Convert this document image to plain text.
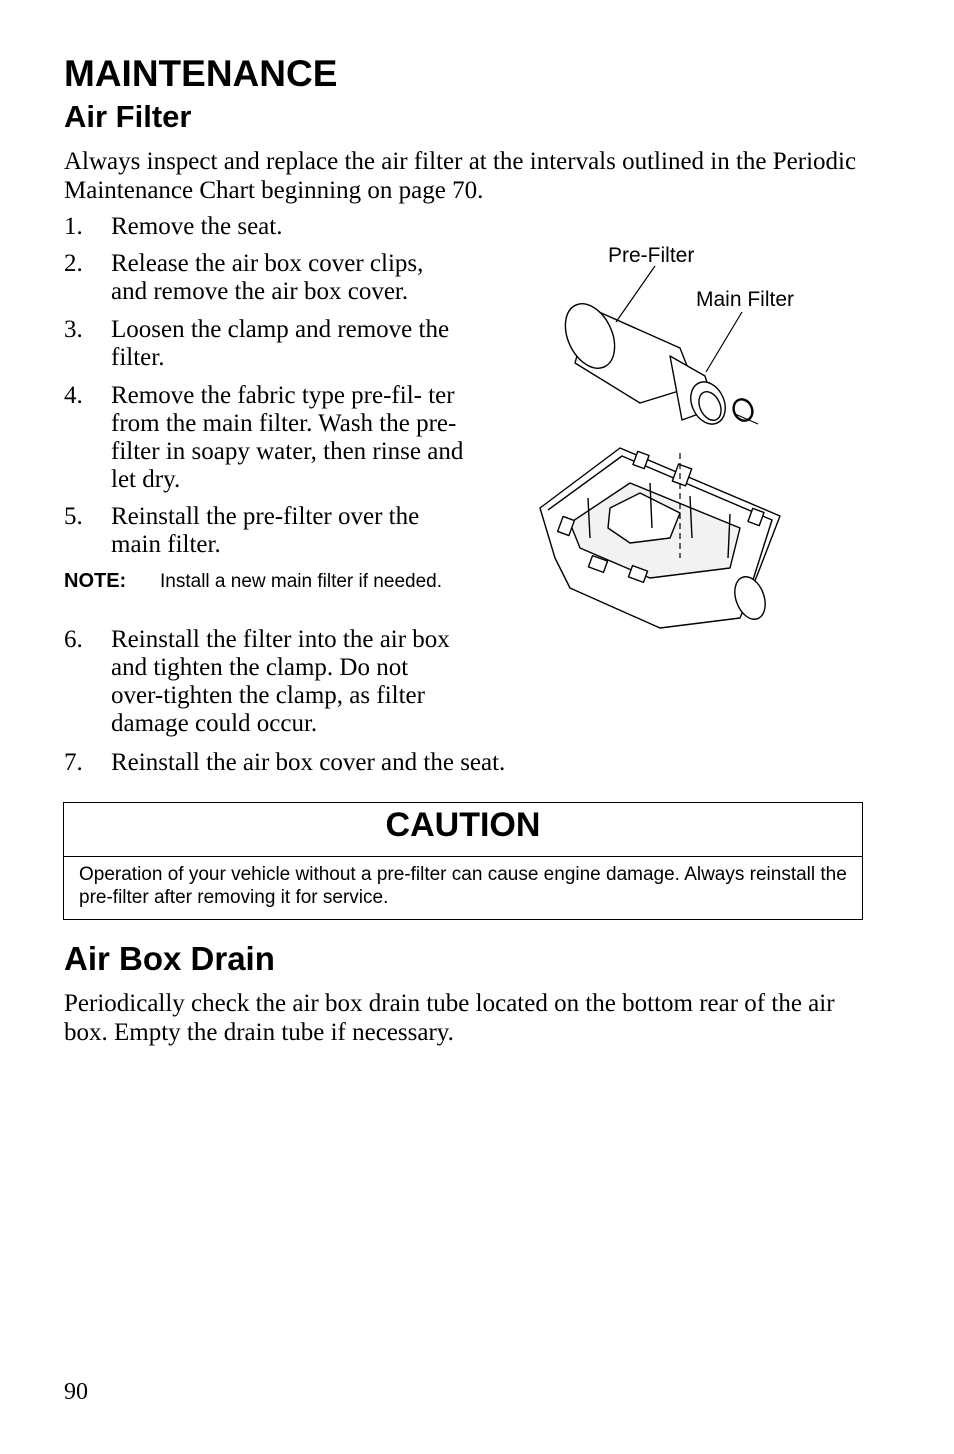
MAINTENANCE
Air Filter

Always inspect and replace the air filter at the intervals outlined in the Periodic Maintenance Chart beginning on page 70.

1.	Remove the seat.
2.	Release the air box cover clips, and remove the air box cover.
3.	Loosen the clamp and remove the filter.
4.	Remove the fabric type pre-fil- ter from the main filter. Wash the pre-filter in soapy water, then rinse and let dry.
5.	Reinstall the pre-filter over the main filter.
NOTE:	Install a new main filter if needed.
6.	Reinstall the filter into the air box and tighten the clamp. Do not over-tighten the clamp, as filter damage could occur.
7.	Reinstall the air box cover and the seat.
Pre-Filter
Main Filter
CAUTION
Operation of your vehicle without a pre-filter can cause engine damage. Always reinstall the pre-filter after removing it for service.
Air Box Drain

Periodically check the air box drain tube located on the bottom rear of the air box. Empty the drain tube if necessary.

90
